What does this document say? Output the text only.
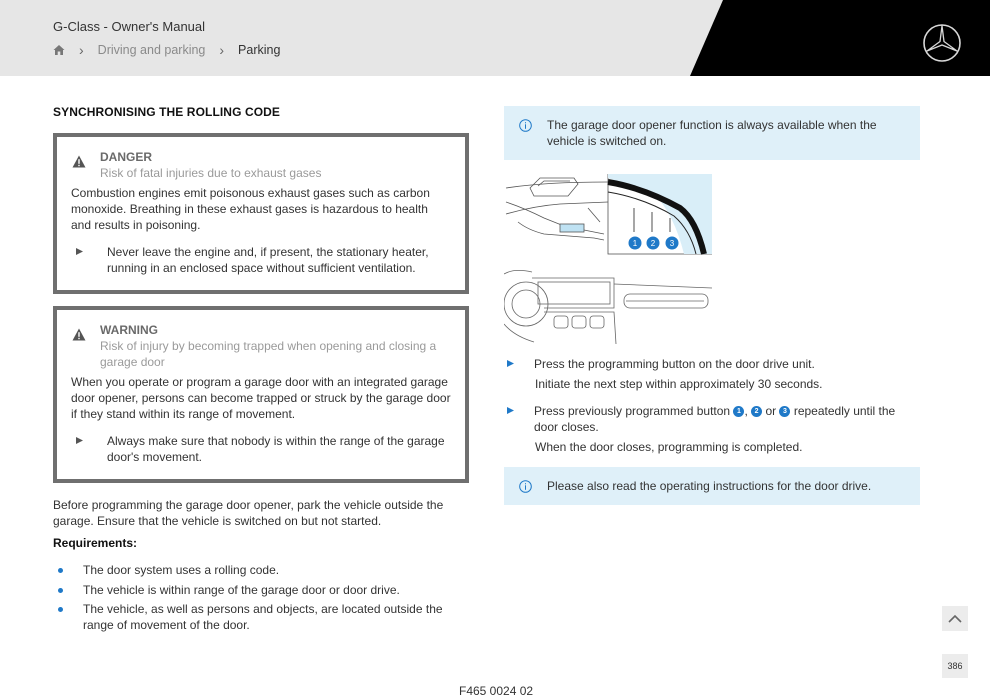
G-Class - Owner's Manual
› Driving and parking › Parking
SYNCHRONISING THE ROLLING CODE
DANGER
Risk of fatal injuries due to exhaust gases
Combustion engines emit poisonous exhaust gases such as carbon monoxide. Breathing in these exhaust gases is hazardous to health and results in poisoning.
Never leave the engine and, if present, the stationary heater, running in an enclosed space without sufficient ventilation.
WARNING
Risk of injury by becoming trapped when opening and closing a garage door
When you operate or program a garage door with an integrated garage door opener, persons can become trapped or struck by the garage door if they stand within its range of movement.
Always make sure that nobody is within the range of the garage door's movement.
Before programming the garage door opener, park the vehicle outside the garage. Ensure that the vehicle is switched on but not started.
Requirements:
The door system uses a rolling code.
The vehicle is within range of the garage door or door drive.
The vehicle, as well as persons and objects, are located outside the range of movement of the door.
The garage door opener function is always available when the vehicle is switched on.
1 2 3
Press the programming button on the door drive unit.
Initiate the next step within approximately 30 seconds.
Press previously programmed button 1 , 2 or 3 repeatedly until the door closes.
When the door closes, programming is completed.
Please also read the operating instructions for the door drive.
386
F465 0024 02
